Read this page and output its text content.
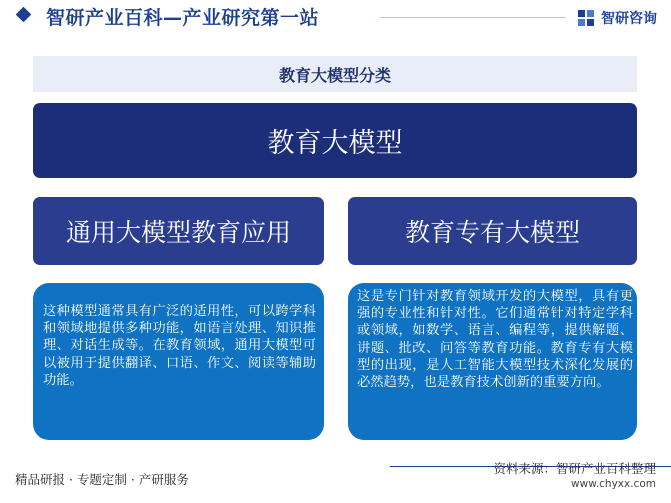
智研产业百科—产业研究第一站	智研咨询
教育大模型分类
教育大模型
通用大模型教育应用	教育专有大模型

这种模型通常具有广泛的适用性，可以跨学科和领域地提供多种功能，如语言处理、知识推理、对话生成等。在教育领域，通用大模型可以被用于提供翻译、口语、作文、阅读等辅助功能。

这是专门针对教育领域开发的大模型，具有更强的专业性和针对性。它们通常针对特定学科或领域，如数学、语言、编程等，提供解题、讲题、批改、问答等教育功能。教育专有大模型的出现，是人工智能大模型技术深化发展的必然趋势，也是教育技术创新的重要方向。

精品研报 · 专题定制 · 产研服务
资料来源：智研产业百科整理
www.chyxx.com
